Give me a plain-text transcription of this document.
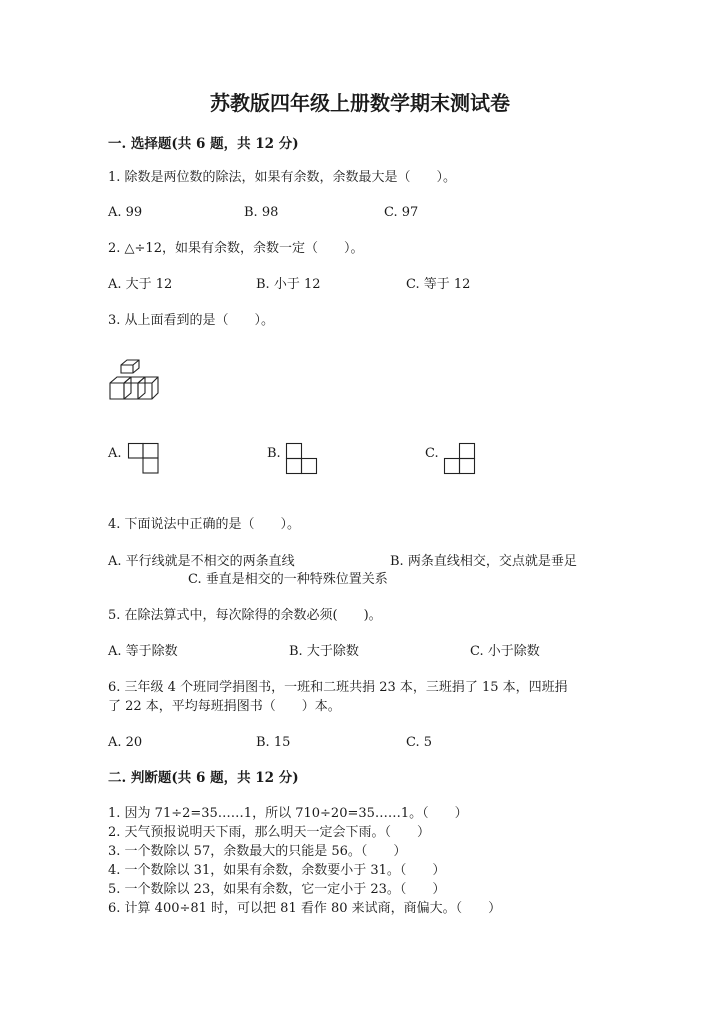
苏教版四年级上册数学期末测试卷
一. 选择题(共 6 题，共 12 分)
1. 除数是两位数的除法，如果有余数，余数最大是（　　）。
A. 99	B. 98	C. 97
2. △÷12，如果有余数，余数一定（　　）。
A. 大于 12	B. 小于 12	C. 等于 12
3. 从上面看到的是（　　）。
A.	B.	C.
4. 下面说法中正确的是（　　）。
A. 平行线就是不相交的两条直线	B. 两条直线相交，交点就是垂足
C. 垂直是相交的一种特殊位置关系
5. 在除法算式中，每次除得的余数必须(　　)。
A. 等于除数	B. 大于除数	C. 小于除数
6. 三年级 4 个班同学捐图书，一班和二班共捐 23 本，三班捐了 15 本，四班捐
了 22 本，平均每班捐图书（　　）本。
A. 20	B. 15	C. 5
二. 判断题(共 6 题，共 12 分)
1. 因为 71÷2=35……1，所以 710÷20=35……1。（　　）
2. 天气预报说明天下雨，那么明天一定会下雨。（　　）
3. 一个数除以 57，余数最大的只能是 56。（　　）
4. 一个数除以 31，如果有余数，余数要小于 31。（　　）
5. 一个数除以 23，如果有余数，它一定小于 23。（　　）
6. 计算 400÷81 时，可以把 81 看作 80 来试商，商偏大。（　　）
